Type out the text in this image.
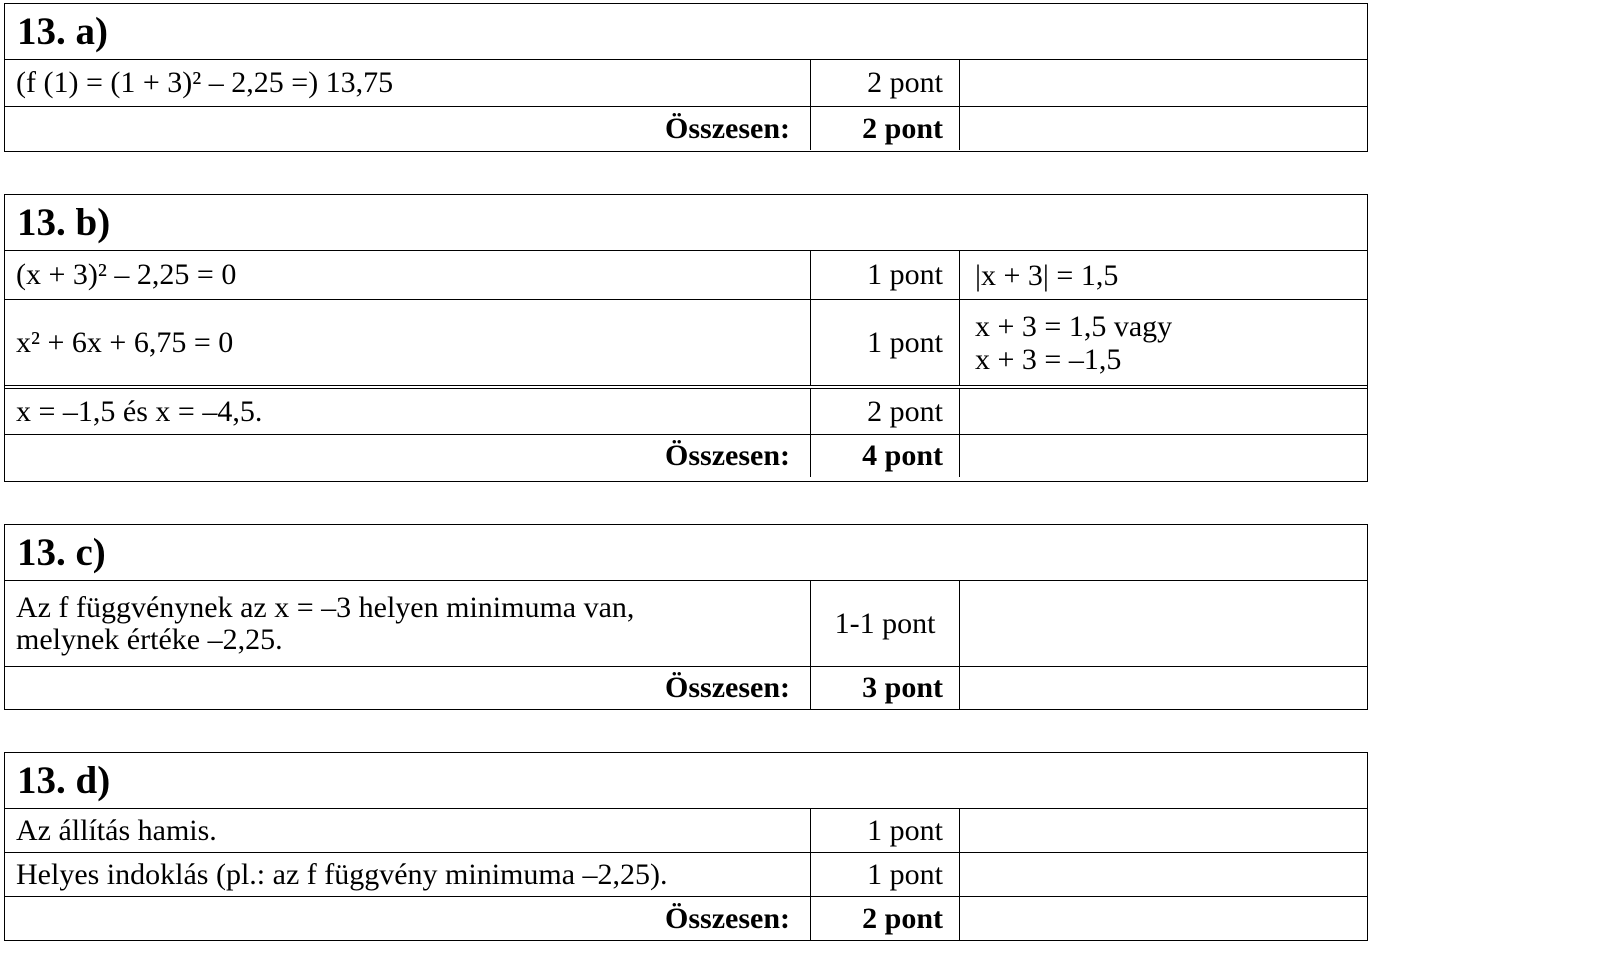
13. a)
(f (1) = (1 + 3)² – 2,25 =) 13,75	2 pont
Összesen:	2 pont
13. b)
(x + 3)² – 2,25 = 0	1 pont	|x + 3| = 1,5
x² + 6x + 6,75 = 0	1 pont	x + 3 = 1,5 vagy
x + 3 = –1,5
x = –1,5 és x = –4,5.	2 pont
Összesen:	4 pont
13. c)
Az f függvénynek az x = –3 helyen minimuma van,
melynek értéke –2,25.	1-1 pont
Összesen:	3 pont
13. d)
Az állítás hamis.	1 pont
Helyes indoklás (pl.: az f függvény minimuma –2,25).	1 pont
Összesen:	2 pont
